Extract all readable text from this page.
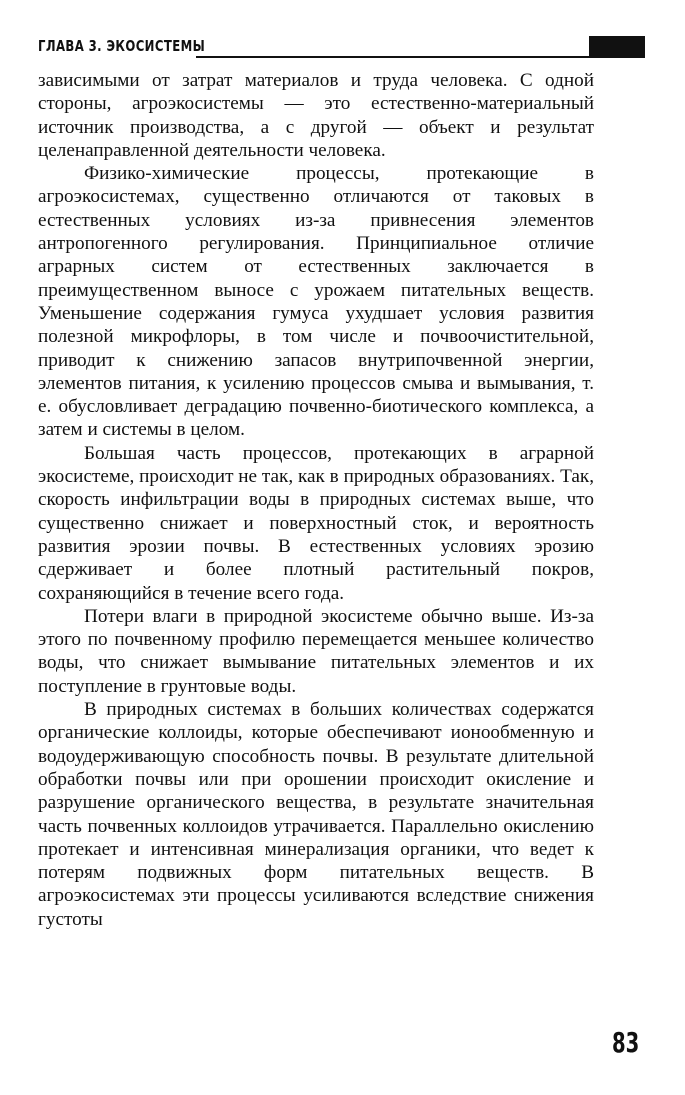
ГЛАВА 3. ЭКОСИСТЕМЫ

зависимыми от затрат материалов и труда человека. С одной стороны, агроэкосистемы — это естественно-материальный источник производства, а с другой — объект и результат целенаправленной деятельности человека.

Физико-химические процессы, протекающие в агроэкосистемах, существенно отличаются от таковых в естественных условиях из-за привнесения элементов антропогенного регулирования. Принципиальное отличие аграрных систем от естественных заключается в преимущественном выносе с урожаем питательных веществ. Уменьшение содержания гумуса ухудшает условия развития полезной микрофлоры, в том числе и почвоочистительной, приводит к снижению запасов внутрипочвенной энергии, элементов питания, к усилению процессов смыва и вымывания, т. е. обусловливает деградацию почвенно-биотического комплекса, а затем и системы в целом.

Большая часть процессов, протекающих в аграрной экосистеме, происходит не так, как в природных образованиях. Так, скорость инфильтрации воды в природных системах выше, что существенно снижает и поверхностный сток, и вероятность развития эрозии почвы. В естественных условиях эрозию сдерживает и более плотный растительный покров, сохраняющийся в течение всего года.

Потери влаги в природной экосистеме обычно выше. Из-за этого по почвенному профилю перемещается меньшее количество воды, что снижает вымывание питательных элементов и их поступление в грунтовые воды.

В природных системах в больших количествах содержатся органические коллоиды, которые обеспечивают ионообменную и водоудерживающую способность почвы. В результате длительной обработки почвы или при орошении происходит окисление и разрушение органического вещества, в результате значительная часть почвенных коллоидов утрачивается. Параллельно окислению протекает и интенсивная минерализация органики, что ведет к потерям подвижных форм питательных веществ. В агроэкосистемах эти процессы усиливаются вследствие снижения густоты

83
